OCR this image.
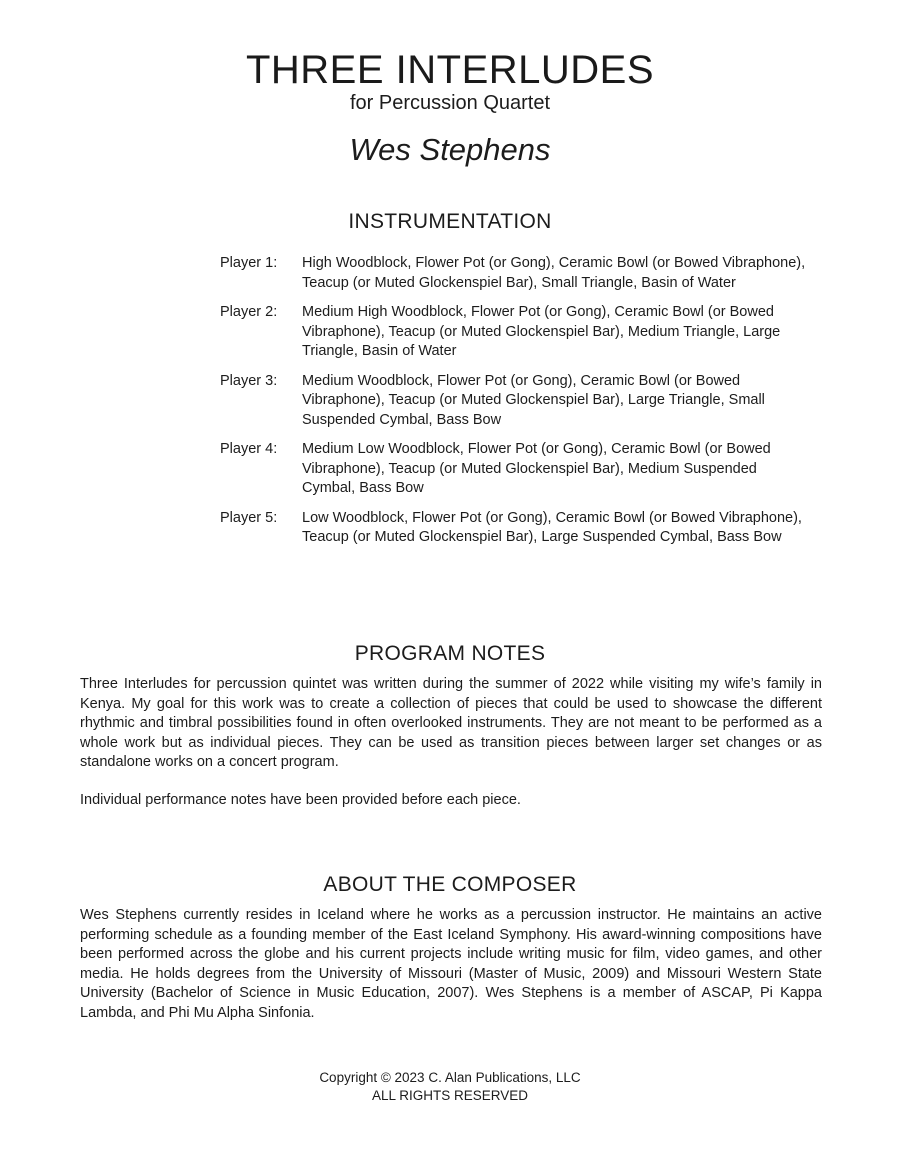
THREE INTERLUDES
for Percussion Quartet
Wes Stephens
INSTRUMENTATION
Player 1:	High Woodblock, Flower Pot (or Gong), Ceramic Bowl (or Bowed Vibraphone), Teacup (or Muted Glockenspiel Bar), Small Triangle, Basin of Water
Player 2:	Medium High Woodblock, Flower Pot (or Gong), Ceramic Bowl (or Bowed Vibraphone), Teacup (or Muted Glockenspiel Bar), Medium Triangle, Large Triangle, Basin of Water
Player 3:	Medium Woodblock, Flower Pot (or Gong), Ceramic Bowl (or Bowed Vibraphone), Teacup (or Muted Glockenspiel Bar), Large Triangle, Small Suspended Cymbal, Bass Bow
Player 4:	Medium Low Woodblock, Flower Pot (or Gong), Ceramic Bowl (or Bowed Vibraphone), Teacup (or Muted Glockenspiel Bar), Medium Suspended Cymbal, Bass Bow
Player 5:	Low Woodblock, Flower Pot (or Gong), Ceramic Bowl (or Bowed Vibraphone), Teacup (or Muted Glockenspiel Bar), Large Suspended Cymbal, Bass Bow
PROGRAM NOTES
Three Interludes for percussion quintet was written during the summer of 2022 while visiting my wife’s family in Kenya. My goal for this work was to create a collection of pieces that could be used to showcase the different rhythmic and timbral possibilities found in often overlooked instruments. They are not meant to be performed as a whole work but as individual pieces. They can be used as transition pieces between larger set changes or as standalone works on a concert program.
Individual performance notes have been provided before each piece.
ABOUT THE COMPOSER
Wes Stephens currently resides in Iceland where he works as a percussion instructor. He maintains an active performing schedule as a founding member of the East Iceland Symphony. His award-winning compositions have been performed across the globe and his current projects include writing music for film, video games, and other media. He holds degrees from the University of Missouri (Master of Music, 2009) and Missouri Western State University (Bachelor of Science in Music Education, 2007). Wes Stephens is a member of ASCAP, Pi Kappa Lambda, and Phi Mu Alpha Sinfonia.
Copyright © 2023 C. Alan Publications, LLC
ALL RIGHTS RESERVED
